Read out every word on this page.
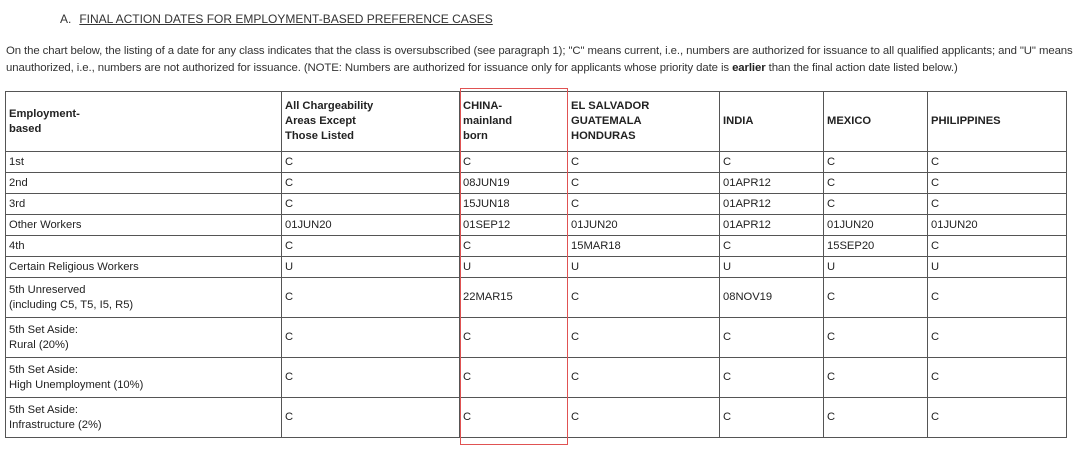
A. FINAL ACTION DATES FOR EMPLOYMENT-BASED PREFERENCE CASES
On the chart below, the listing of a date for any class indicates that the class is oversubscribed (see paragraph 1); "C" means current, i.e., numbers are authorized for issuance to all qualified applicants; and "U" means unauthorized, i.e., numbers are not authorized for issuance. (NOTE: Numbers are authorized for issuance only for applicants whose priority date is earlier than the final action date listed below.)
Employment-
based	All Chargeability
Areas Except
Those Listed	CHINA-
mainland
born	EL SALVADOR
GUATEMALA
HONDURAS	INDIA	MEXICO	PHILIPPINES
1st	C	C	C	C	C	C
2nd	C	08JUN19	C	01APR12	C	C
3rd	C	15JUN18	C	01APR12	C	C
Other Workers	01JUN20	01SEP12	01JUN20	01APR12	01JUN20	01JUN20
4th	C	C	15MAR18	C	15SEP20	C
Certain Religious Workers	U	U	U	U	U	U
5th Unreserved
(including C5, T5, I5, R5)	C	22MAR15	C	08NOV19	C	C
5th Set Aside:
Rural (20%)	C	C	C	C	C	C
5th Set Aside:
High Unemployment (10%)	C	C	C	C	C	C
5th Set Aside:
Infrastructure (2%)	C	C	C	C	C	C
